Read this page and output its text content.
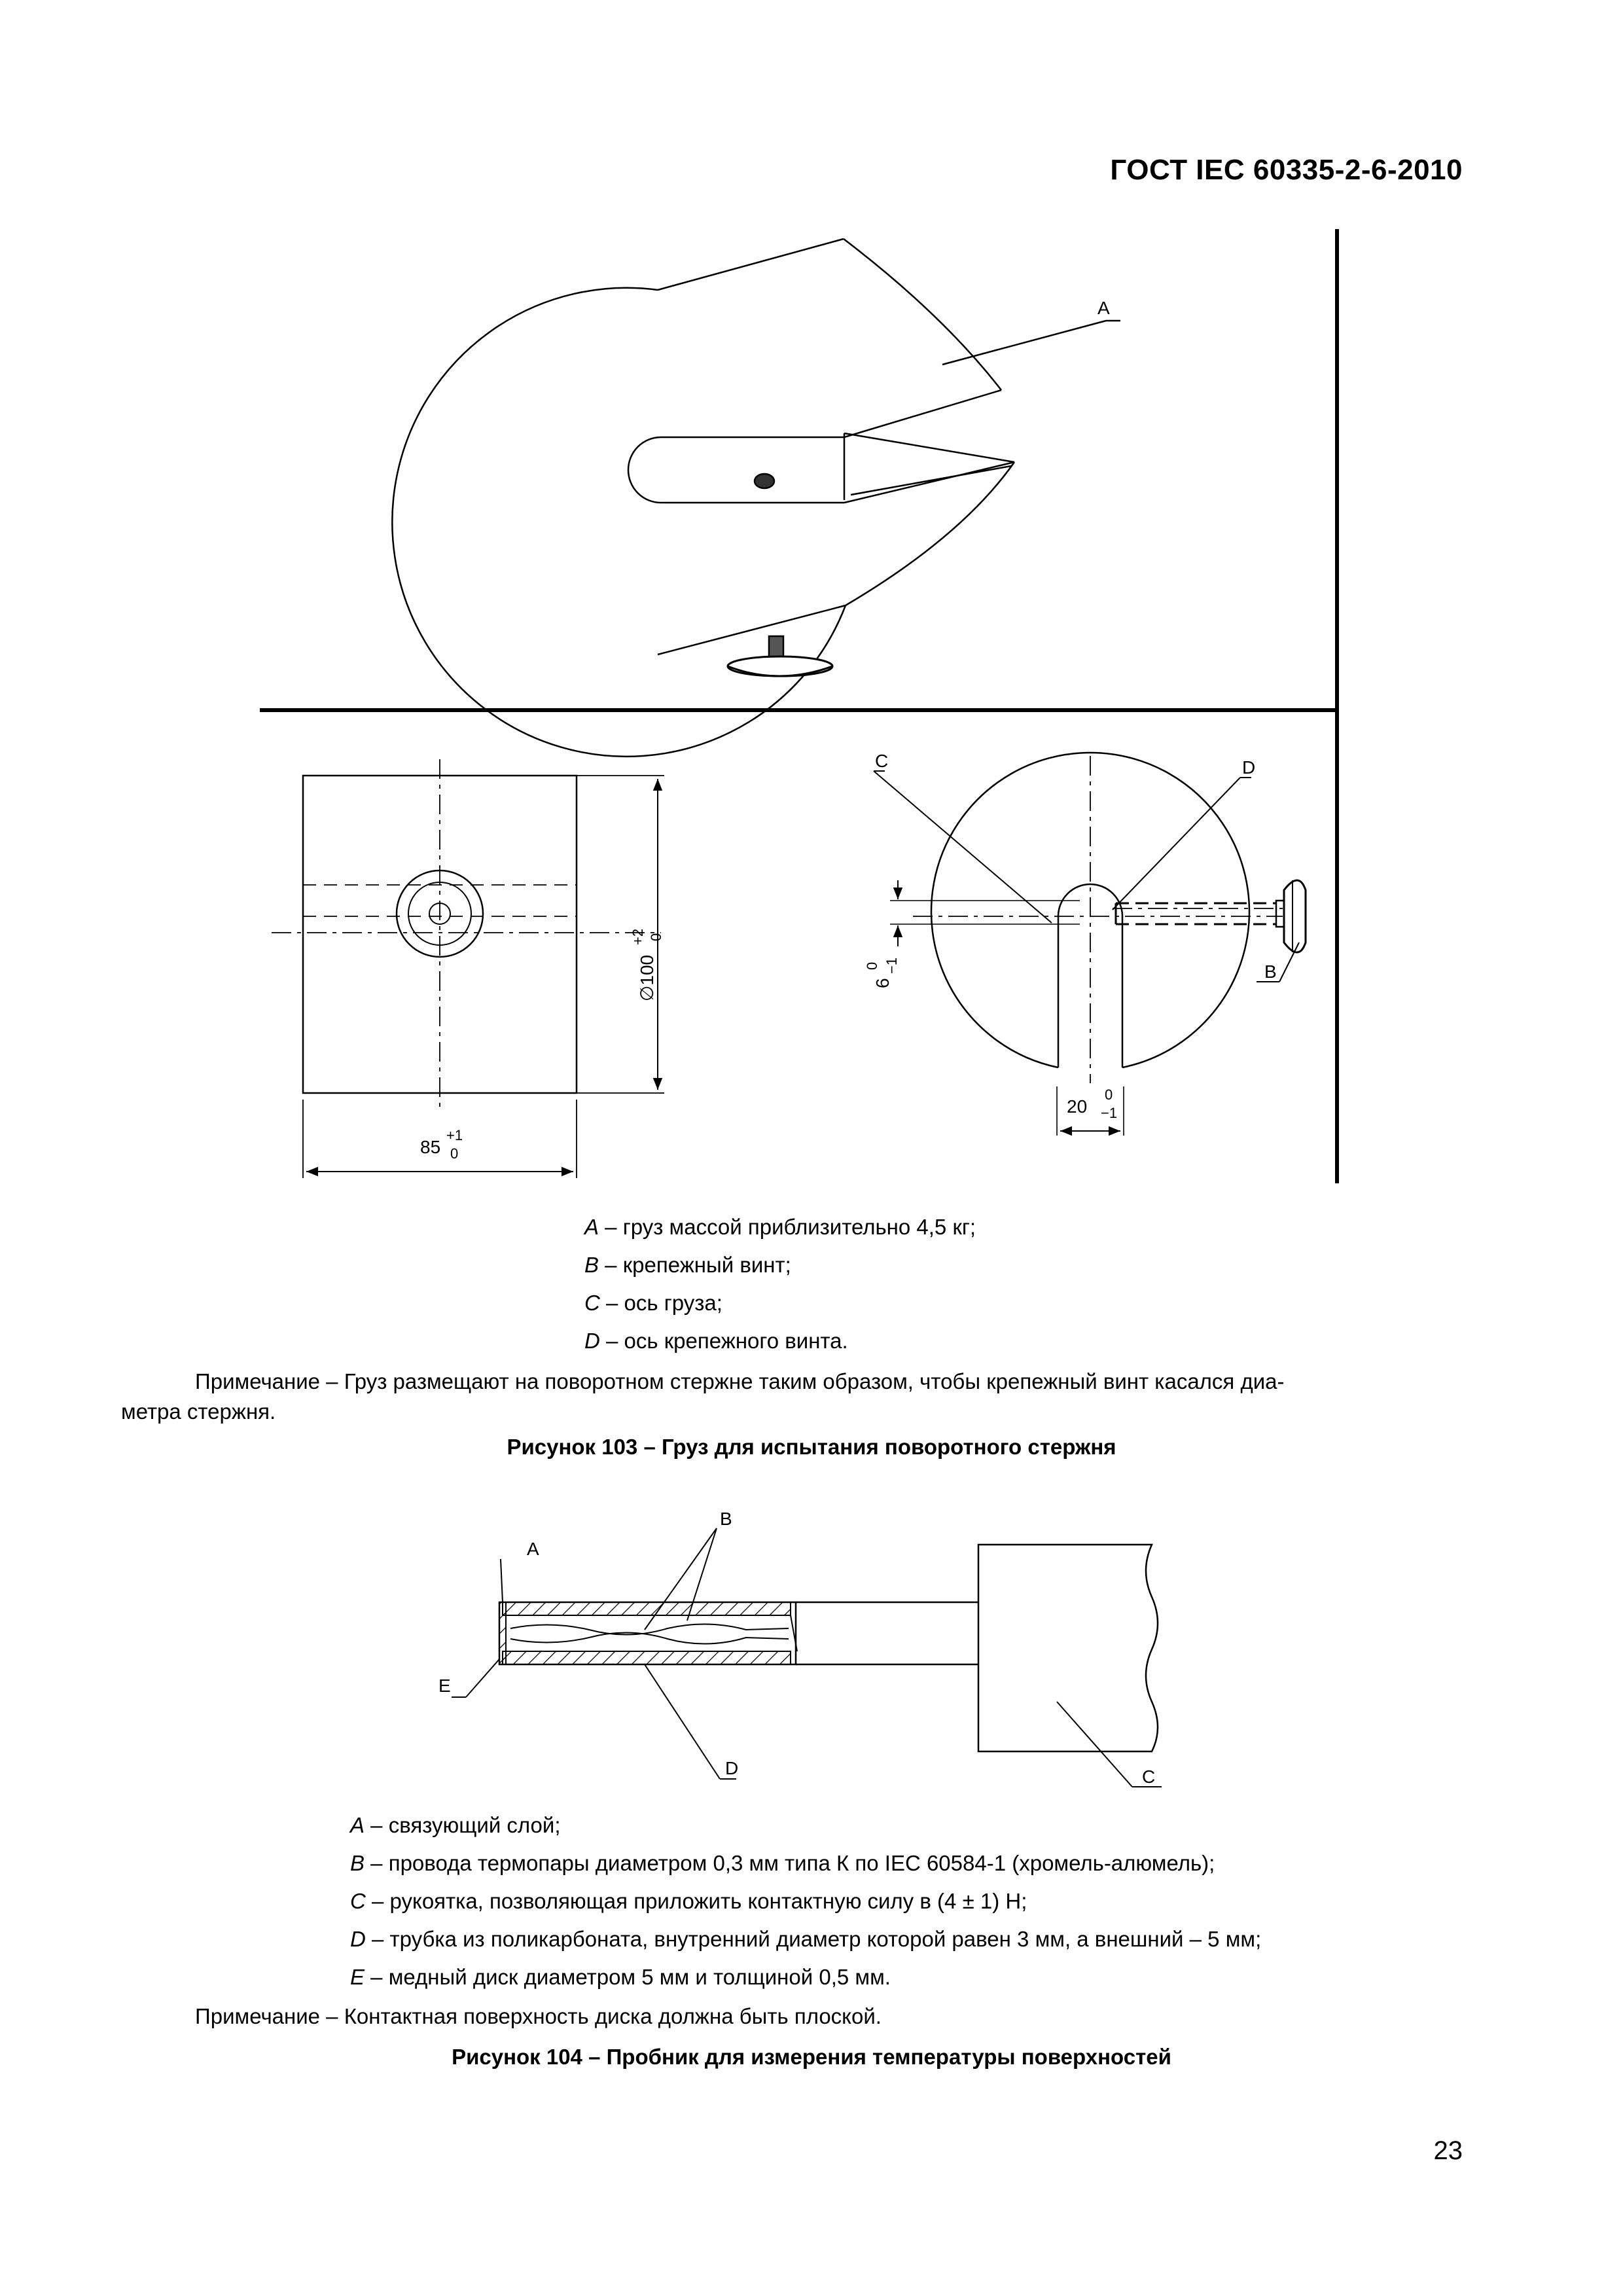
ГОСТ IEC 60335-2-6-2010
∅100
+2 0
85
+1
0
6
0 −1
20
0
−1
A
C	D
B
B
A
E
D	C
A – груз массой приблизительно 4,5 кг;
B – крепежный винт;
C – ось груза;
D – ось крепежного винта.
Примечание – Груз размещают на поворотном стержне таким образом, чтобы крепежный винт касался диа-
метра стержня.
Рисунок 103 – Груз для испытания поворотного стержня
A – связующий слой;
B – провода термопары диаметром 0,3 мм типа К по IEC 60584-1 (хромель-алюмель);
C – рукоятка, позволяющая приложить контактную силу в (4 ± 1) Н;
D – трубка из поликарбоната, внутренний диаметр которой равен 3 мм, а внешний – 5 мм;
E – медный диск диаметром 5 мм и толщиной 0,5 мм.
Примечание – Контактная поверхность диска должна быть плоской.
Рисунок 104 – Пробник для измерения температуры поверхностей
23
